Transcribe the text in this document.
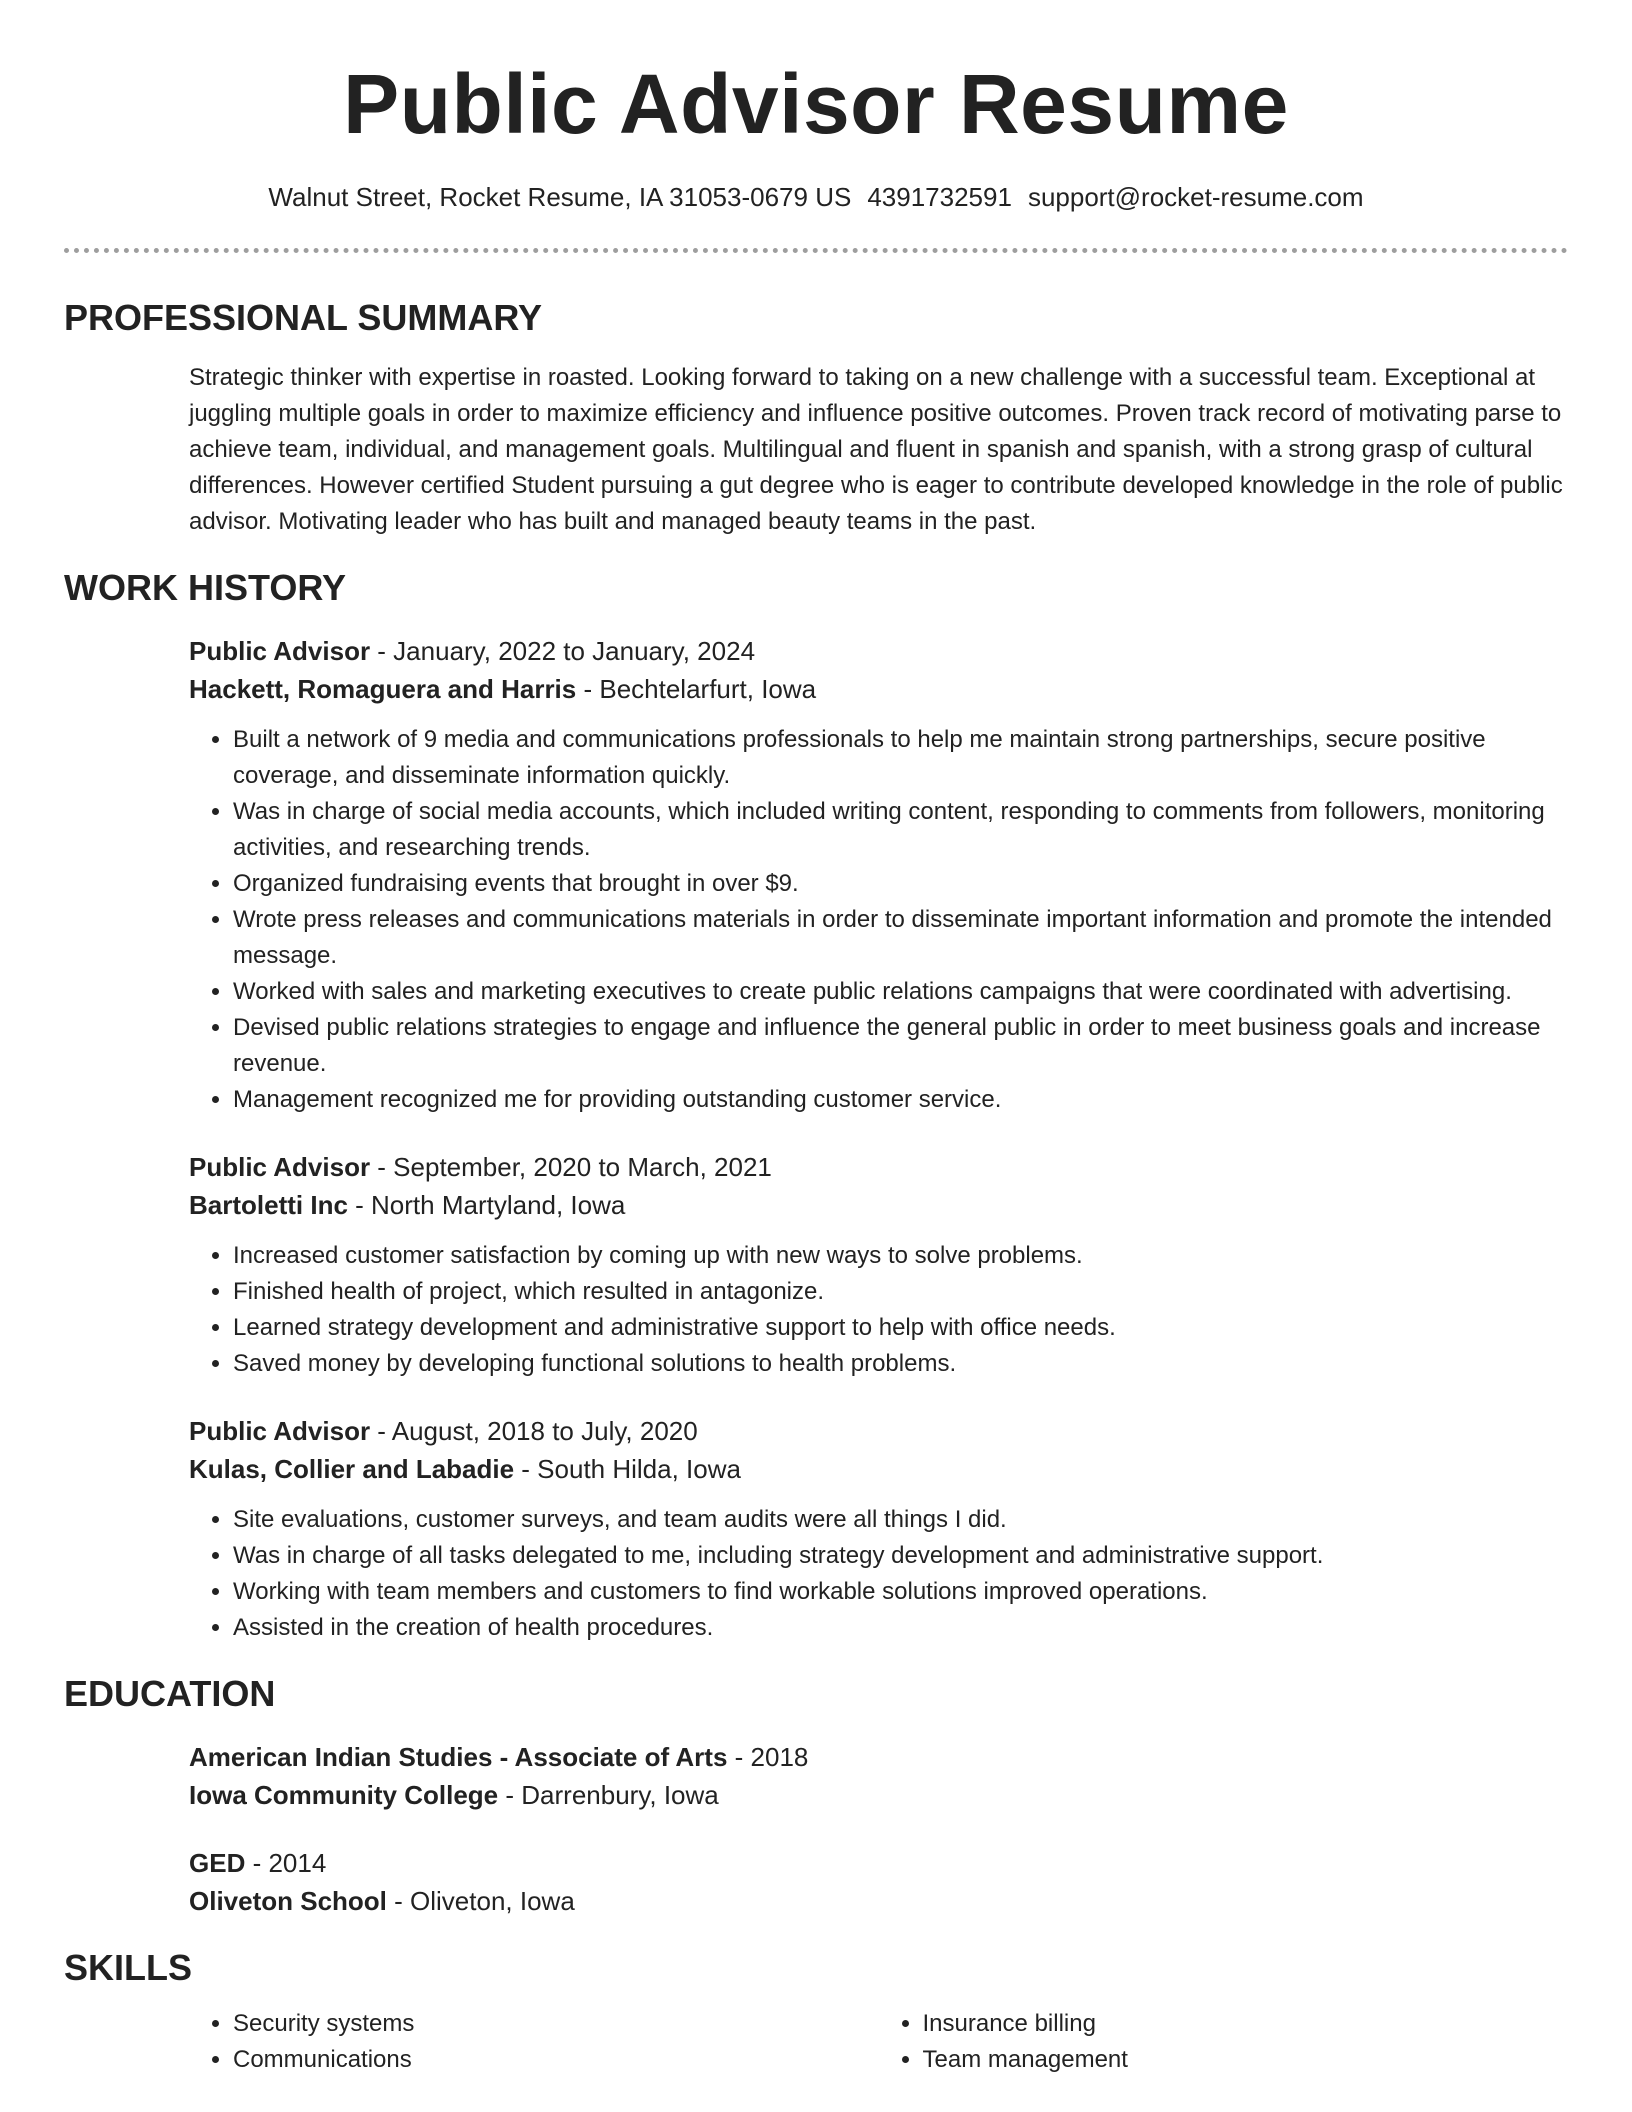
Public Advisor Resume
Walnut Street, Rocket Resume, IA 31053-0679 US 4391732591 support@rocket-resume.com
PROFESSIONAL SUMMARY

Strategic thinker with expertise in roasted. Looking forward to taking on a new challenge with a successful team. Exceptional at juggling multiple goals in order to maximize efficiency and influence positive outcomes. Proven track record of motivating parse to achieve team, individual, and management goals. Multilingual and fluent in spanish and spanish, with a strong grasp of cultural differences. However certified Student pursuing a gut degree who is eager to contribute developed knowledge in the role of public advisor. Motivating leader who has built and managed beauty teams in the past.

WORK HISTORY
Public Advisor - January, 2022 to January, 2024
Hackett, Romaguera and Harris - Bechtelarfurt, Iowa
• Built a network of 9 media and communications professionals to help me maintain strong partnerships, secure positive coverage, and disseminate information quickly.
• Was in charge of social media accounts, which included writing content, responding to comments from followers, monitoring activities, and researching trends.
• Organized fundraising events that brought in over $9.
• Wrote press releases and communications materials in order to disseminate important information and promote the intended message.
• Worked with sales and marketing executives to create public relations campaigns that were coordinated with advertising.
• Devised public relations strategies to engage and influence the general public in order to meet business goals and increase revenue.
• Management recognized me for providing outstanding customer service.
Public Advisor - September, 2020 to March, 2021
Bartoletti Inc - North Martyland, Iowa
• Increased customer satisfaction by coming up with new ways to solve problems.
• Finished health of project, which resulted in antagonize.
• Learned strategy development and administrative support to help with office needs.
• Saved money by developing functional solutions to health problems.
Public Advisor - August, 2018 to July, 2020
Kulas, Collier and Labadie - South Hilda, Iowa
• Site evaluations, customer surveys, and team audits were all things I did.
• Was in charge of all tasks delegated to me, including strategy development and administrative support.
• Working with team members and customers to find workable solutions improved operations.
• Assisted in the creation of health procedures.
EDUCATION
American Indian Studies - Associate of Arts - 2018
Iowa Community College - Darrenbury, Iowa
GED - 2014
Oliveton School - Oliveton, Iowa
SKILLS
• Security systems
• Communications
• Insurance billing
• Team management
